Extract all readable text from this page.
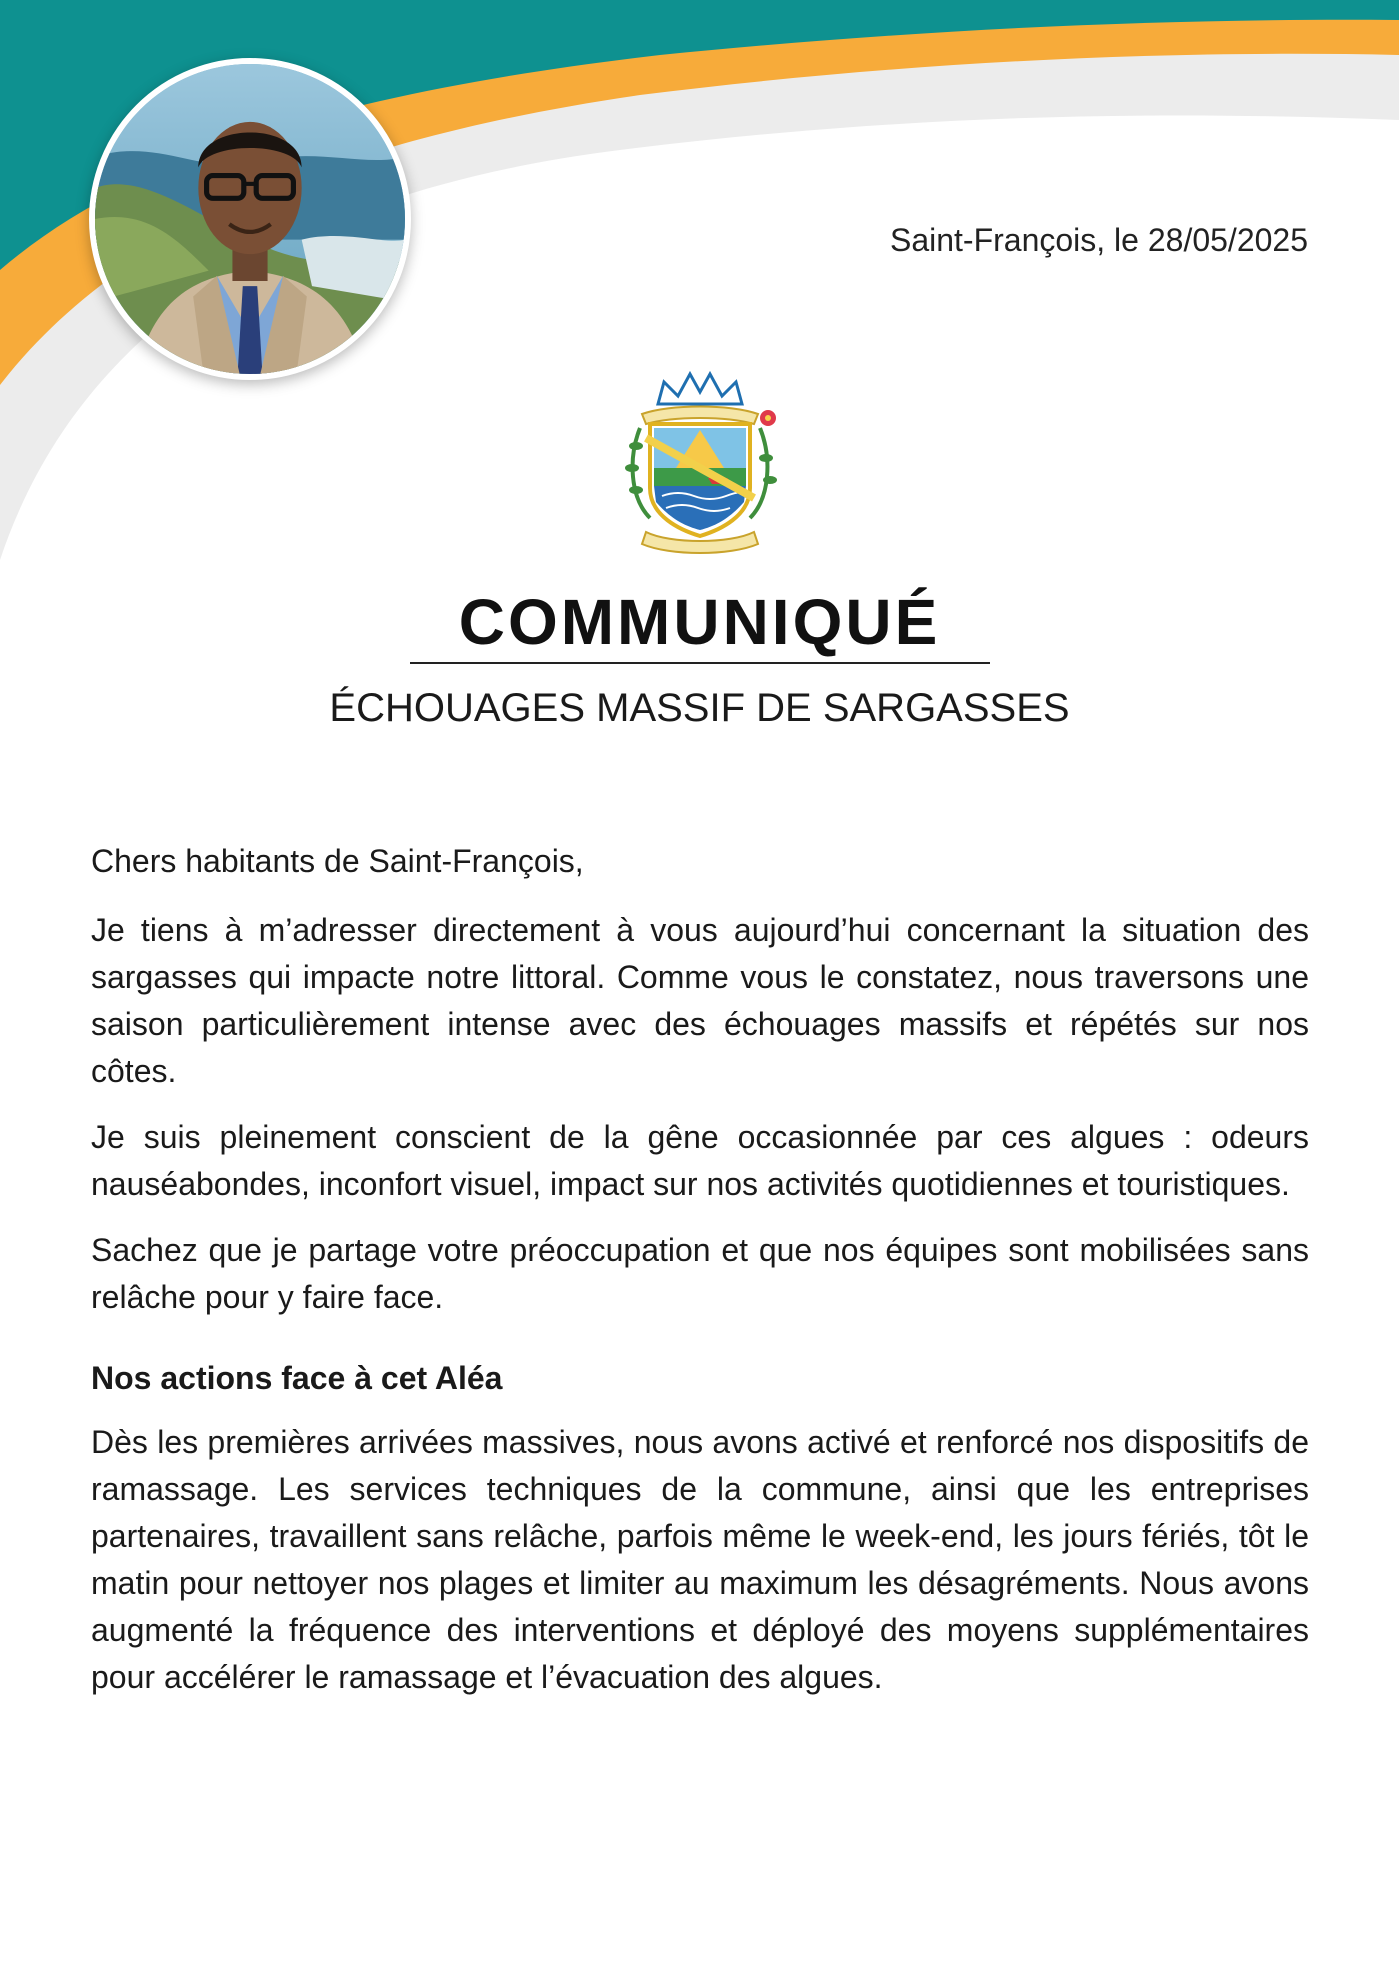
Saint-François, le 28/05/2025
COMMUNIQUÉ
ÉCHOUAGES MASSIF DE SARGASSES

Chers habitants de Saint-François,

Je tiens à m’adresser directement à vous aujourd’hui concernant la situation des sargasses qui impacte notre littoral. Comme vous le constatez, nous traversons une saison particulièrement intense avec des échouages massifs et répétés sur nos côtes.

Je suis pleinement conscient de la gêne occasionnée par ces algues : odeurs nauséabondes, inconfort visuel, impact sur nos activités quotidiennes et touristiques.

Sachez que je partage votre préoccupation et que nos équipes sont mobilisées sans relâche pour y faire face.

Nos actions face à cet Aléa

Dès les premières arrivées massives, nous avons activé et renforcé nos dispositifs de ramassage. Les services techniques de la commune, ainsi que les entreprises partenaires, travaillent sans relâche, parfois même le week-end, les jours fériés, tôt le matin pour nettoyer nos plages et limiter au maximum les désagréments. Nous avons augmenté la fréquence des interventions et déployé des moyens supplémentaires pour accélérer le ramassage et l’évacuation des algues.
